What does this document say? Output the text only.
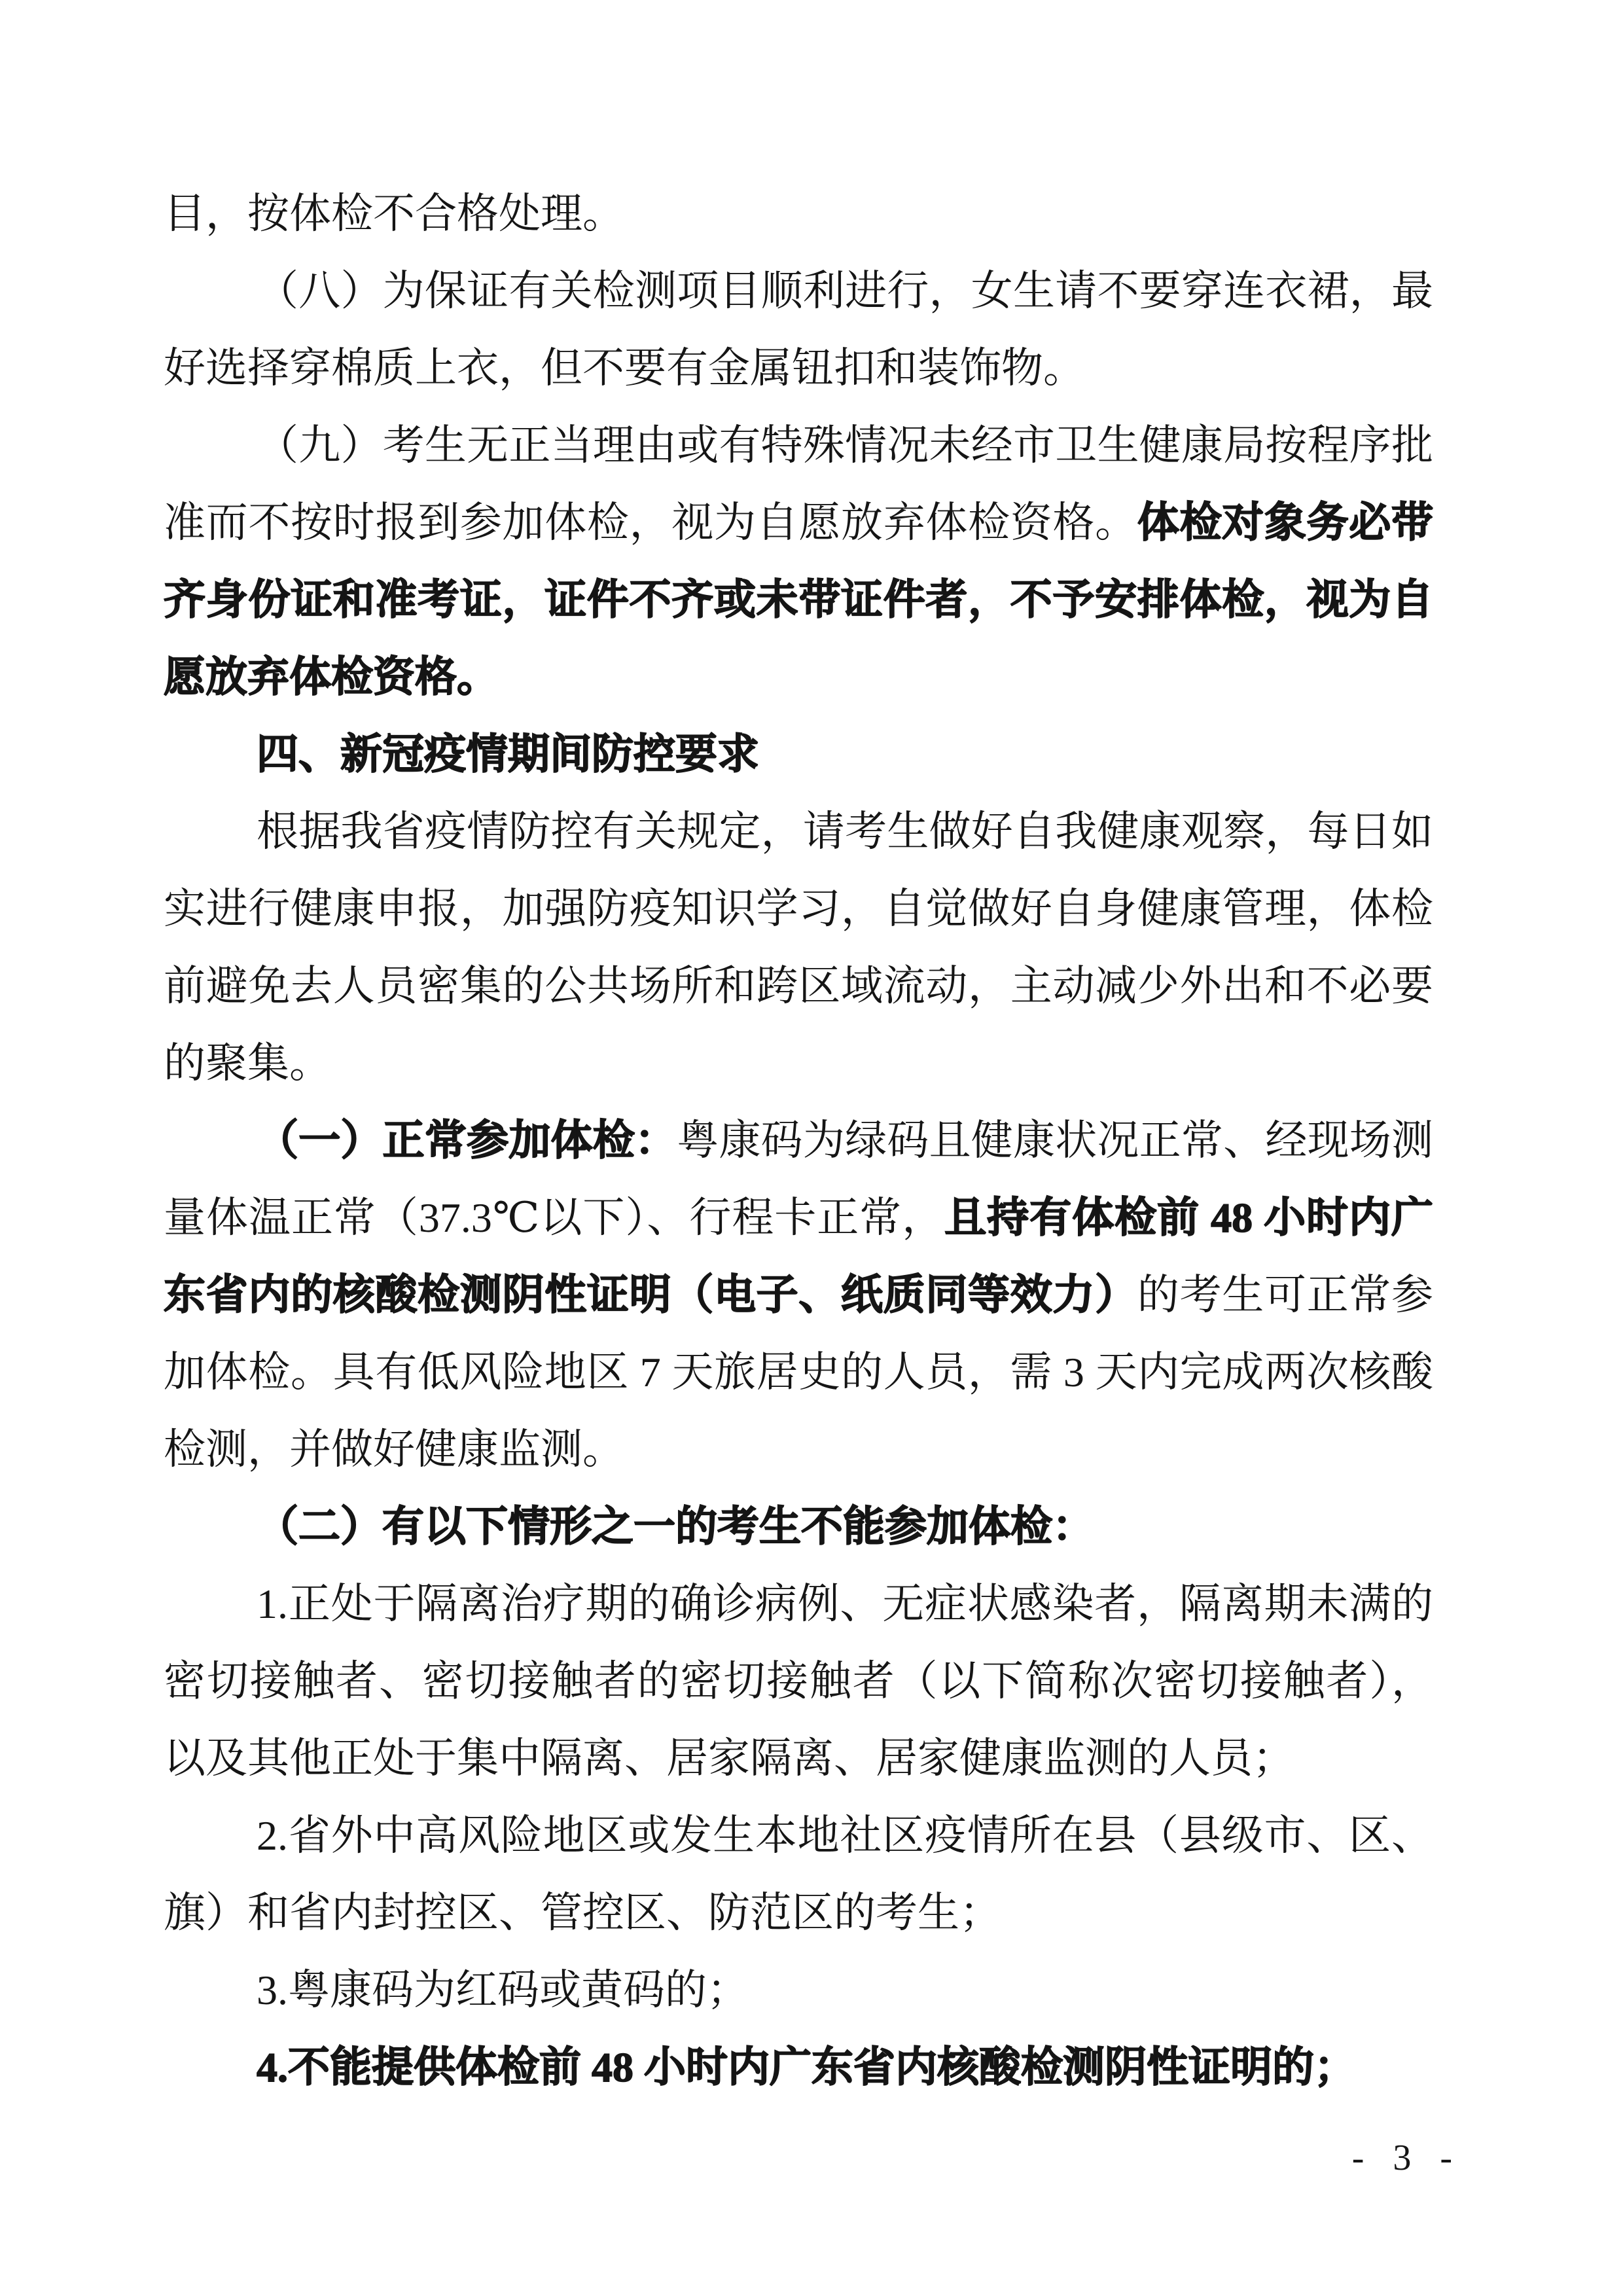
目，按体检不合格处理。
（八）为保证有关检测项目顺利进行，女生请不要穿连衣裙，最
好选择穿棉质上衣，但不要有金属钮扣和装饰物。
（九）考生无正当理由或有特殊情况未经市卫生健康局按程序批
准而不按时报到参加体检，视为自愿放弃体检资格。体检对象务必带
齐身份证和准考证，证件不齐或未带证件者，不予安排体检，视为自
愿放弃体检资格。
四、新冠疫情期间防控要求
根据我省疫情防控有关规定，请考生做好自我健康观察，每日如
实进行健康申报，加强防疫知识学习，自觉做好自身健康管理，体检
前避免去人员密集的公共场所和跨区域流动，主动减少外出和不必要
的聚集。
（一）正常参加体检：粤康码为绿码且健康状况正常、经现场测
量体温正常（37.3℃以下）、行程卡正常，且持有体检前 48 小时内广
东省内的核酸检测阴性证明（电子、纸质同等效力）的考生可正常参
加体检。具有低风险地区 7 天旅居史的人员，需 3 天内完成两次核酸
检测，并做好健康监测。
（二）有以下情形之一的考生不能参加体检：
1.正处于隔离治疗期的确诊病例、无症状感染者，隔离期未满的
密切接触者、密切接触者的密切接触者（以下简称次密切接触者），
以及其他正处于集中隔离、居家隔离、居家健康监测的人员；
2.省外中高风险地区或发生本地社区疫情所在县（县级市、区、
旗）和省内封控区、管控区、防范区的考生；
3.粤康码为红码或黄码的；
4.不能提供体检前 48 小时内广东省内核酸检测阴性证明的；
- 3 -
